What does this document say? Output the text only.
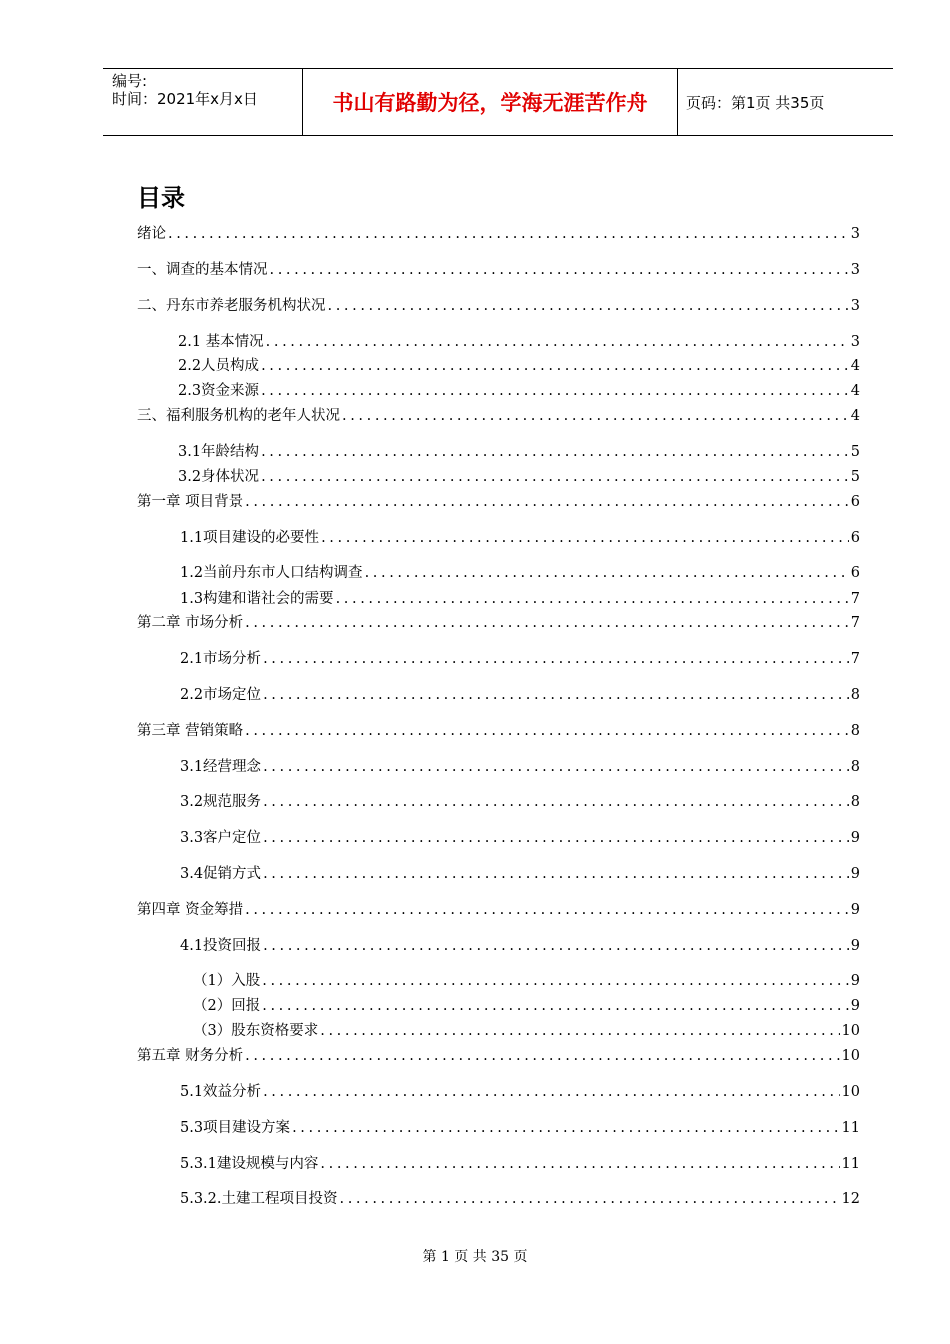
编号:
时间：2021年x月x日	书山有路勤为径，学海无涯苦作舟	页码：第1页 共35页
目录
绪论 .....	3
一、调查的基本情况 .....	3
二、丹东市养老服务机构状况 .....	3
2.1 基本情况 .....	3
2.2人员构成 .....	4
2.3资金来源 .....	4
三、福利服务机构的老年人状况 .....	4
3.1年龄结构 .....	5
3.2身体状况 .....	5
第一章 项目背景 .....	6
1.1项目建设的必要性 .....	6
1.2当前丹东市人口结构调查 .....	6
1.3构建和谐社会的需要 .....	7
第二章 市场分析 .....	7
2.1市场分析 .....	7
2.2市场定位 .....	8
第三章 营销策略 .....	8
3.1经营理念 .....	8
3.2规范服务 .....	8
3.3客户定位 .....	9
3.4促销方式 .....	9
第四章 资金筹措 .....	9
4.1投资回报 .....	9
（1）入股 .....	9
（2）回报 .....	9
（3）股东资格要求 .....	10
第五章 财务分析 .....	10
5.1效益分析 .....	10
5.3项目建设方案 .....	11
5.3.1建设规模与内容 .....	11
5.3.2.土建工程项目投资 .....	12
第 1 页 共 35 页
